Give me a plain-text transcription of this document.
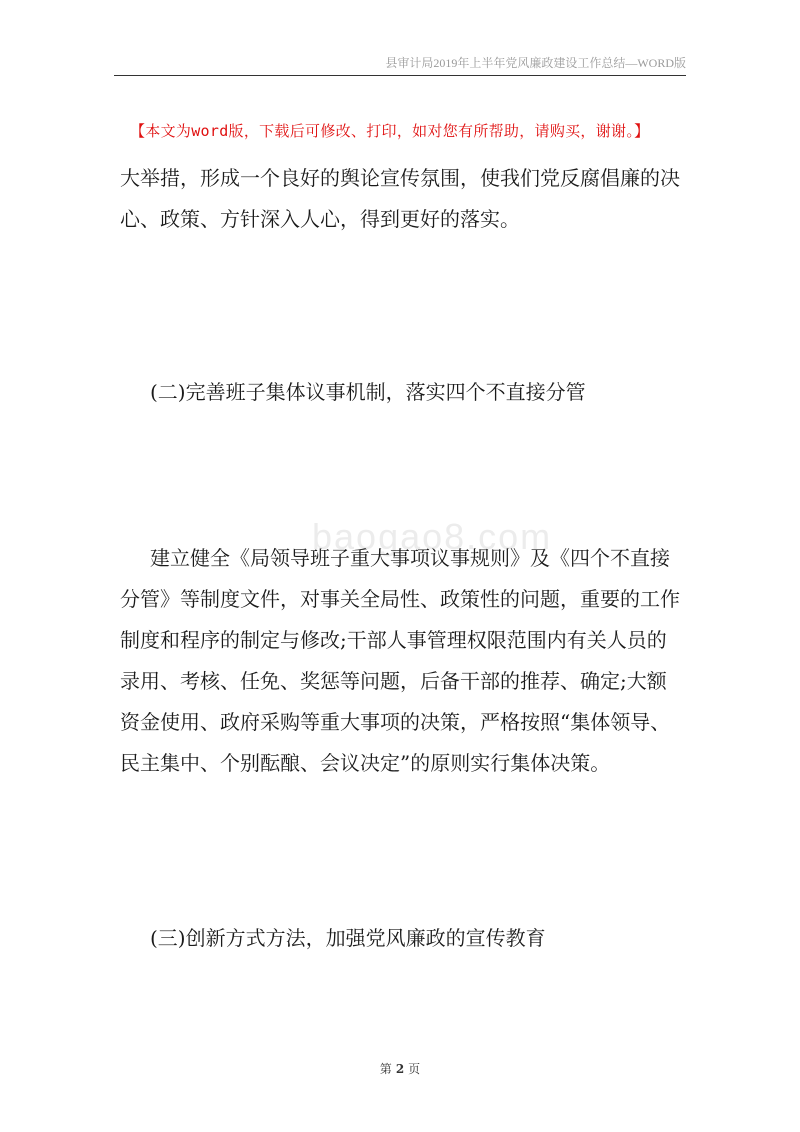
县审计局2019年上半年党风廉政建设工作总结—WORD版
【本文为word版，下载后可修改、打印，如对您有所帮助，请购买，谢谢。】

大举措，形成一个良好的舆论宣传氛围，使我们党反腐倡廉的决心、政策、方针深入人心，得到更好的落实。

(二)完善班子集体议事机制，落实四个不直接分管

baogao8.com

建立健全《局领导班子重大事项议事规则》及《四个不直接分管》等制度文件，对事关全局性、政策性的问题，重要的工作制度和程序的制定与修改;干部人事管理权限范围内有关人员的录用、考核、任免、奖惩等问题，后备干部的推荐、确定;大额资金使用、政府采购等重大事项的决策，严格按照“集体领导、民主集中、个别酝酿、会议决定”的原则实行集体决策。

(三)创新方式方法，加强党风廉政的宣传教育

第 2 页
